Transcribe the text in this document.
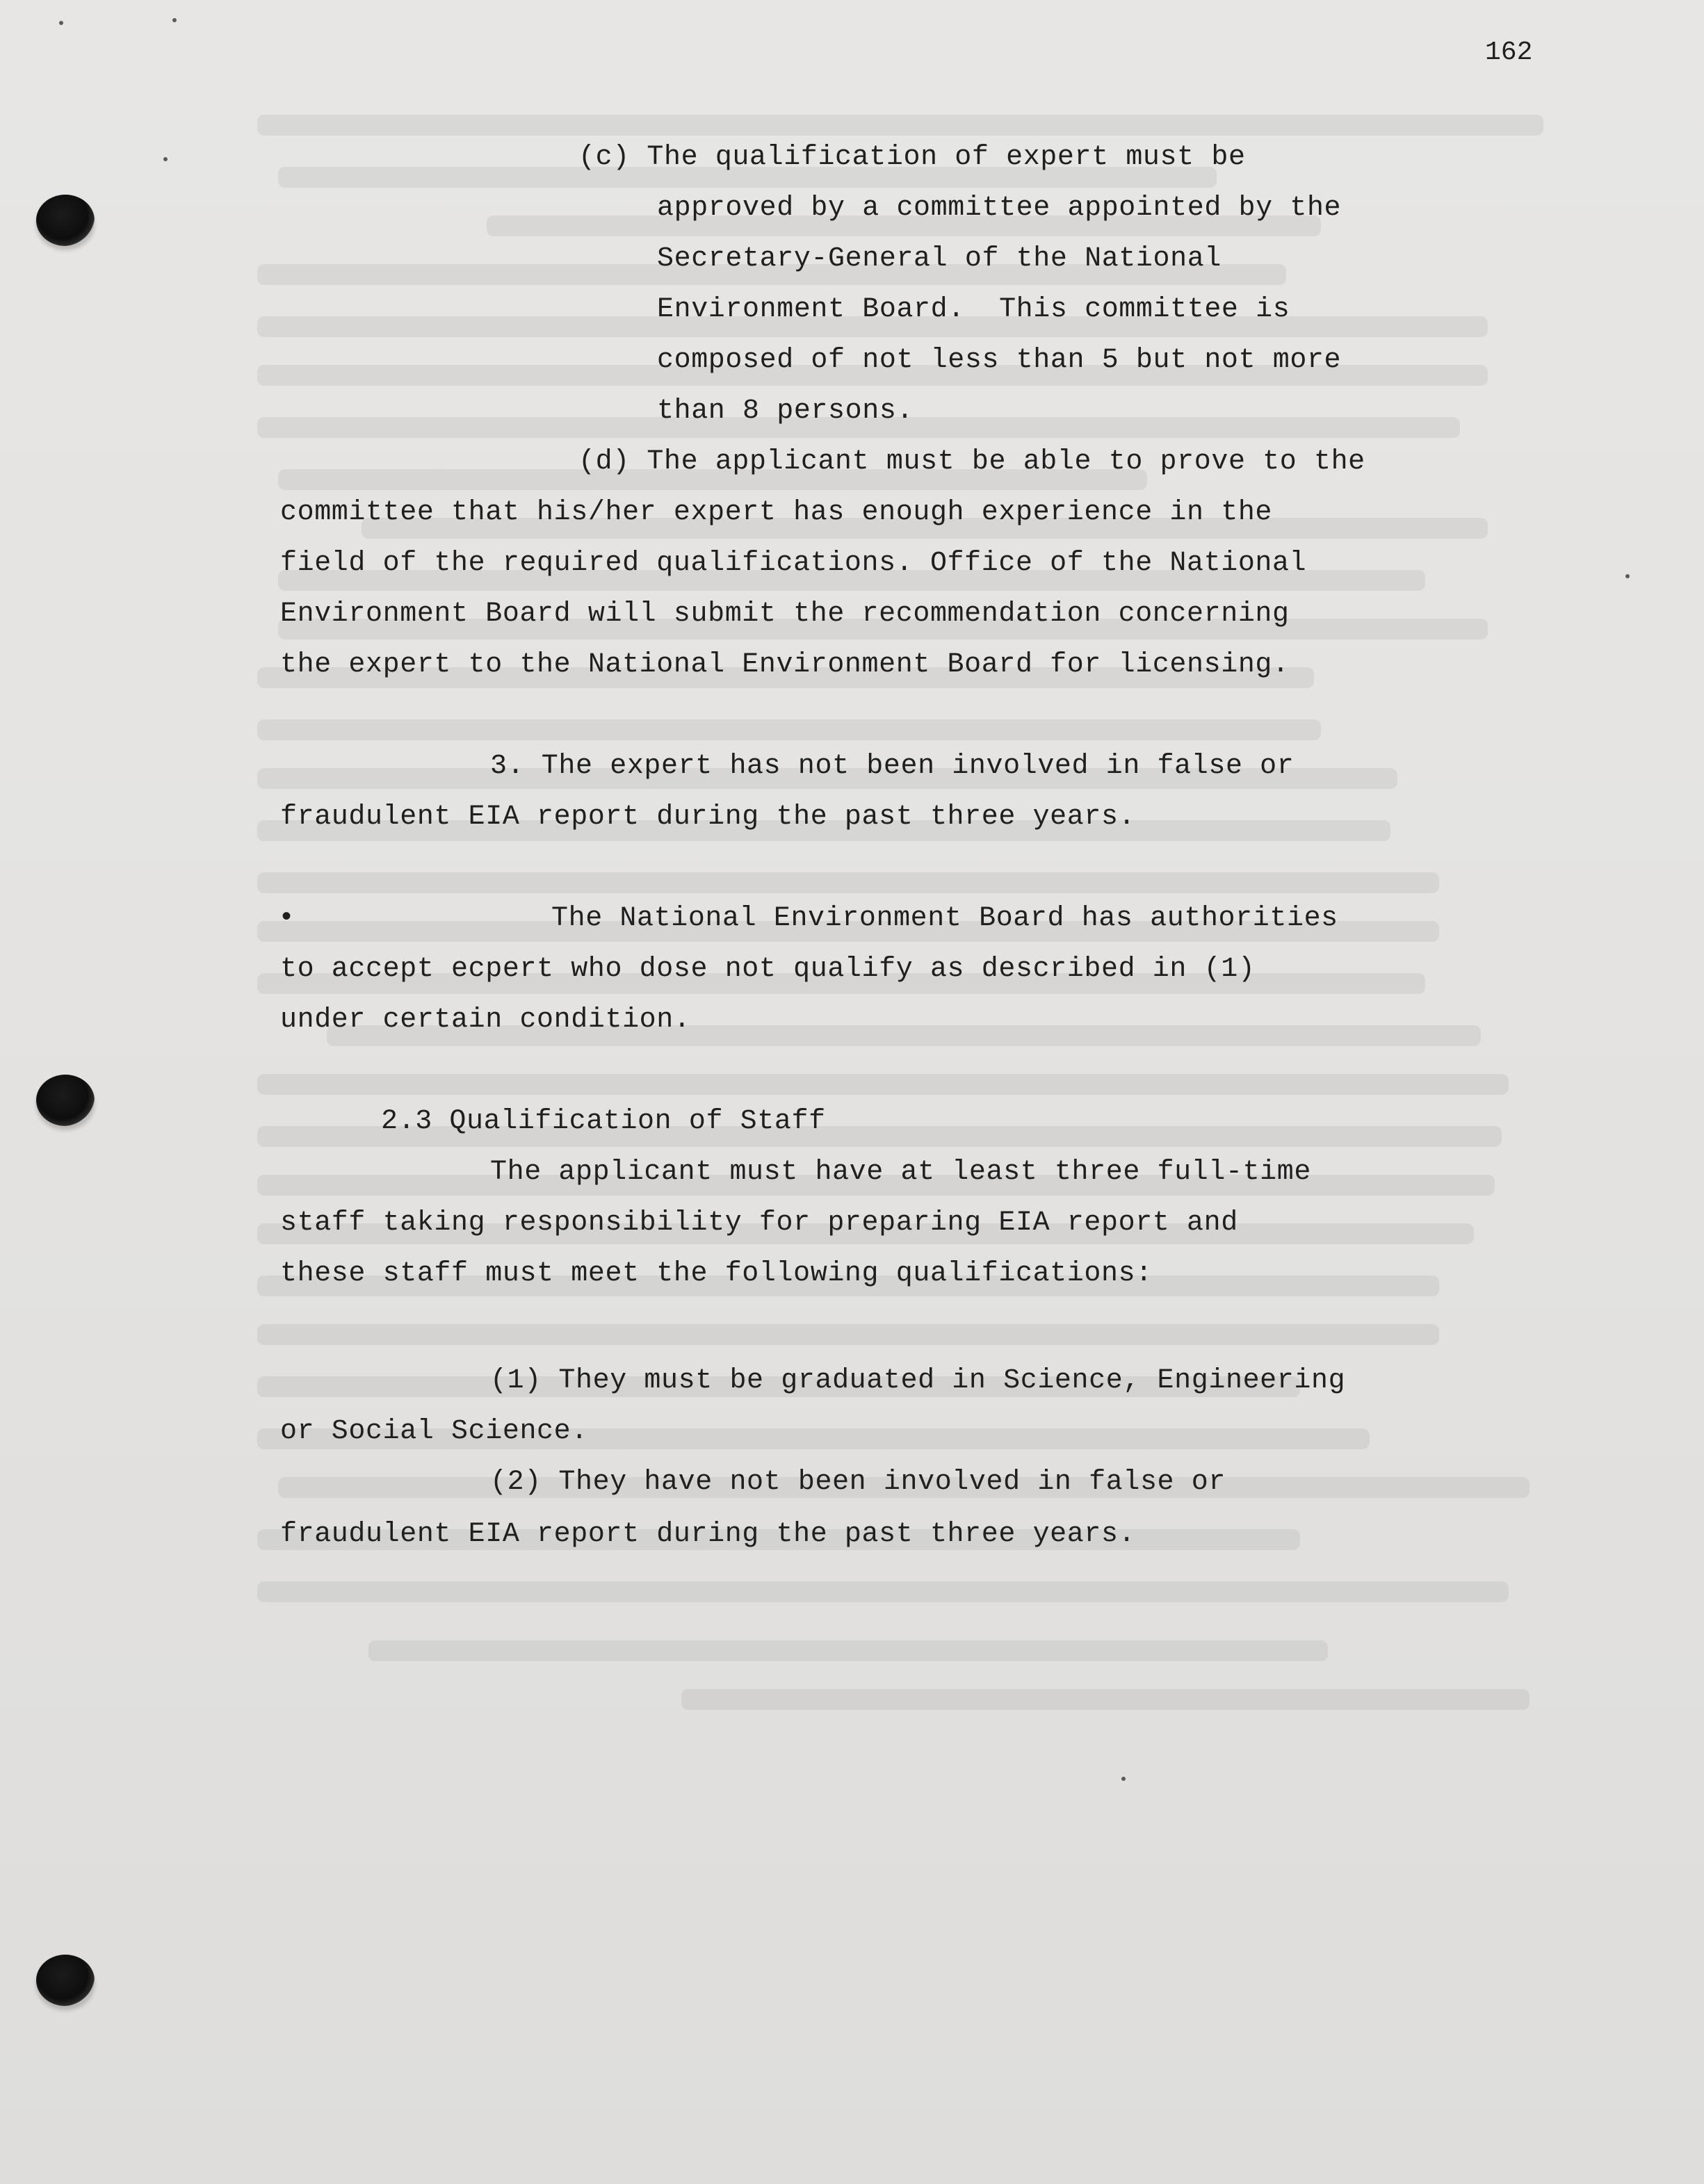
162
(c) The qualification of expert must be
approved by a committee appointed by the
Secretary-General of the National
Environment Board.  This committee is
composed of not less than 5 but not more
than 8 persons.
(d) The applicant must be able to prove to the
committee that his/her expert has enough experience in the
field of the required qualifications. Office of the National
Environment Board will submit the recommendation concerning
the expert to the National Environment Board for licensing.
3. The expert has not been involved in false or
fraudulent EIA report during the past three years.
•	The National Environment Board has authorities
to accept ecpert who dose not qualify as described in (1)
under certain condition.
2.3 Qualification of Staff
The applicant must have at least three full-time
staff taking responsibility for preparing EIA report and
these staff must meet the following qualifications:
(1) They must be graduated in Science, Engineering
or Social Science.
(2) They have not been involved in false or
fraudulent EIA report during the past three years.
